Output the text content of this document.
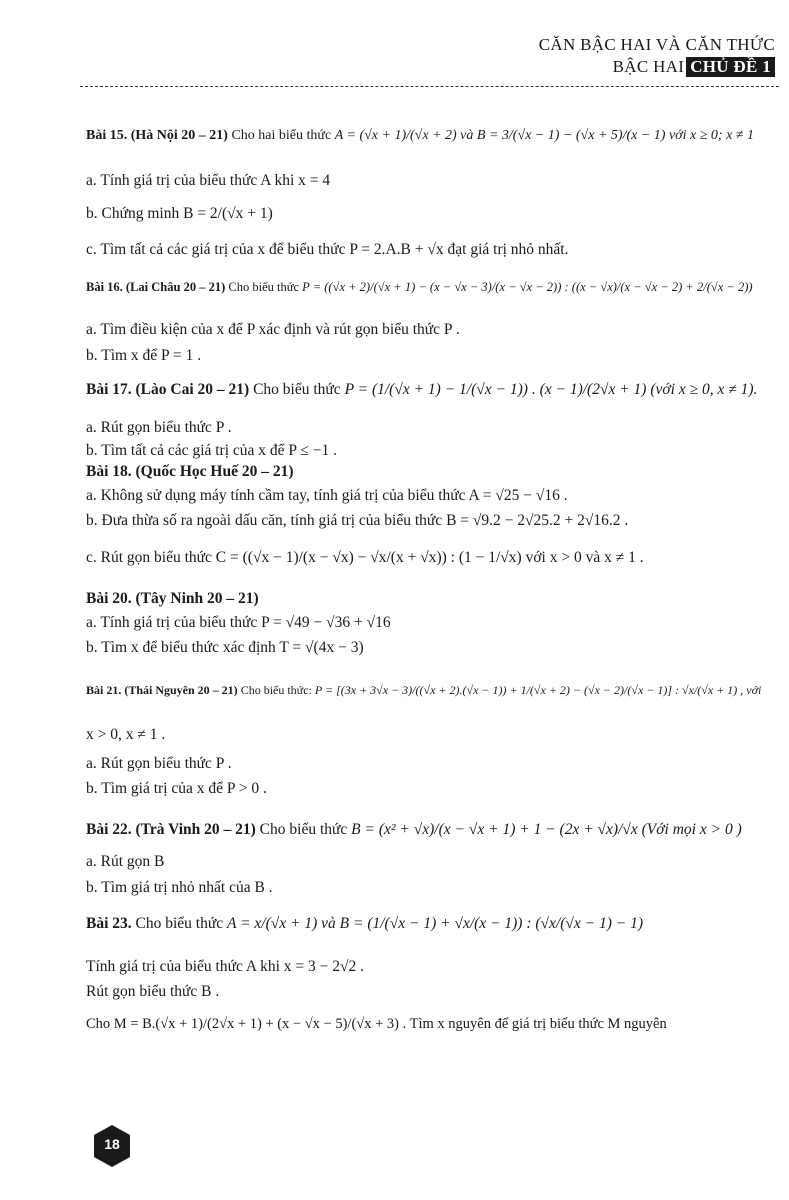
CĂN BẬC HAI VÀ CĂN THỨC
BẬC HAI CHỦ ĐỀ 1
Bài 15. (Hà Nội 20 – 21) Cho hai biểu thức A = (√x + 1)/(√x + 2) và B = 3/(√x − 1) − (√x + 5)/(x − 1) với x ≥ 0; x ≠ 1
a. Tính giá trị của biểu thức A khi x = 4
b. Chứng minh B = 2/(√x + 1)
c. Tìm tất cả các giá trị của x để biểu thức P = 2.A.B + √x đạt giá trị nhỏ nhất.
Bài 16. (Lai Châu 20 – 21) Cho biểu thức P = ((√x + 2)/(√x + 1) − (x − √x − 3)/(x − √x − 2)) : ((x − √x)/(x − √x − 2) + 2/(√x − 2))
a. Tìm điều kiện của x để P xác định và rút gọn biểu thức P .
b. Tìm x để P = 1 .
Bài 17. (Lào Cai 20 – 21) Cho biểu thức P = (1/(√x + 1) − 1/(√x − 1)) . (x − 1)/(2√x + 1) (với x ≥ 0, x ≠ 1).
a. Rút gọn biểu thức P .
b. Tìm tất cả các giá trị của x để P ≤ −1 .
Bài 18. (Quốc Học Huế 20 – 21)
a. Không sử dụng máy tính cầm tay, tính giá trị của biểu thức A = √25 − √16 .
b. Đưa thừa số ra ngoài dấu căn, tính giá trị của biểu thức B = √9.2 − 2√25.2 + 2√16.2 .
c. Rút gọn biểu thức C = ((√x − 1)/(x − √x) − √x/(x + √x)) : (1 − 1/√x) với x > 0 và x ≠ 1 .
Bài 20. (Tây Ninh 20 – 21)
a. Tính giá trị của biểu thức P = √49 − √36 + √16
b. Tìm x để biểu thức xác định T = √(4x − 3)
Bài 21. (Thái Nguyên 20 – 21) Cho biểu thức: P = [(3x + 3√x − 3)/((√x + 2).(√x − 1)) + 1/(√x + 2) − (√x − 2)/(√x − 1)] : √x/(√x + 1) , với
x > 0, x ≠ 1 .
a. Rút gọn biểu thức P .
b. Tìm giá trị của x để P > 0 .
Bài 22. (Trà Vinh 20 – 21) Cho biểu thức B = (x² + √x)/(x − √x + 1) + 1 − (2x + √x)/√x (Với mọi x > 0 )
a. Rút gọn B
b. Tìm giá trị nhỏ nhất của B .
Bài 23. Cho biểu thức A = x/(√x + 1) và B = (1/(√x − 1) + √x/(x − 1)) : (√x/(√x − 1) − 1)
Tính giá trị của biểu thức A khi x = 3 − 2√2 .
Rút gọn biểu thức B .
Cho M = B.(√x + 1)/(2√x + 1) + (x − √x − 5)/(√x + 3) . Tìm x nguyên để giá trị biểu thức M nguyên
18
